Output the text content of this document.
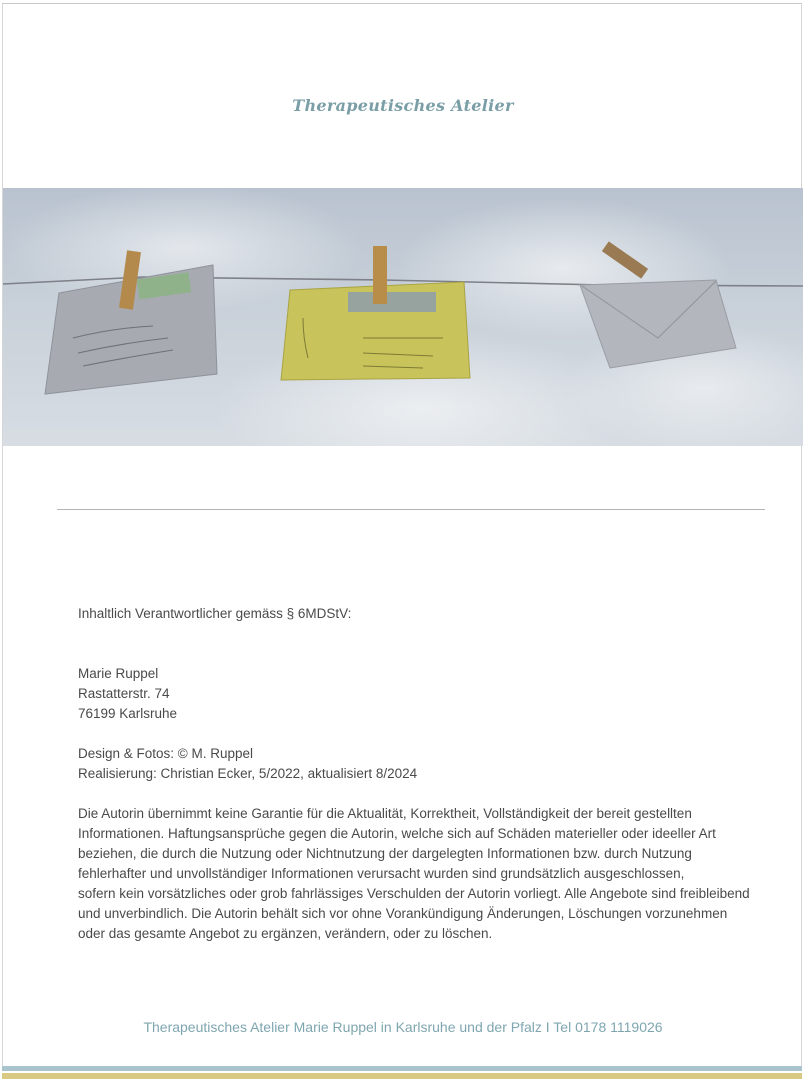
Therapeutisches Atelier
Inhaltlich Verantwortlicher gemäss § 6MDStV:
Marie Ruppel
Rastatterstr. 74
76199 Karlsruhe
Design & Fotos: © M. Ruppel
Realisierung: Christian Ecker, 5/2022, aktualisiert 8/2024
Die Autorin übernimmt keine Garantie für die Aktualität, Korrektheit, Vollständigkeit der bereit gestellten
Informationen. Haftungsansprüche gegen die Autorin, welche sich auf Schäden materieller oder ideeller Art
beziehen, die durch die Nutzung oder Nichtnutzung der dargelegten Informationen bzw. durch Nutzung
fehlerhafter und unvollständiger Informationen verursacht wurden sind grundsätzlich ausgeschlossen,
sofern kein vorsätzliches oder grob fahrlässiges Verschulden der Autorin vorliegt. Alle Angebote sind freibleibend
und unverbindlich. Die Autorin behält sich vor ohne Vorankündigung Änderungen, Löschungen vorzunehmen
oder das gesamte Angebot zu ergänzen, verändern, oder zu löschen.
Therapeutisches Atelier Marie Ruppel in Karlsruhe und der Pfalz I Tel 0178 1119026
